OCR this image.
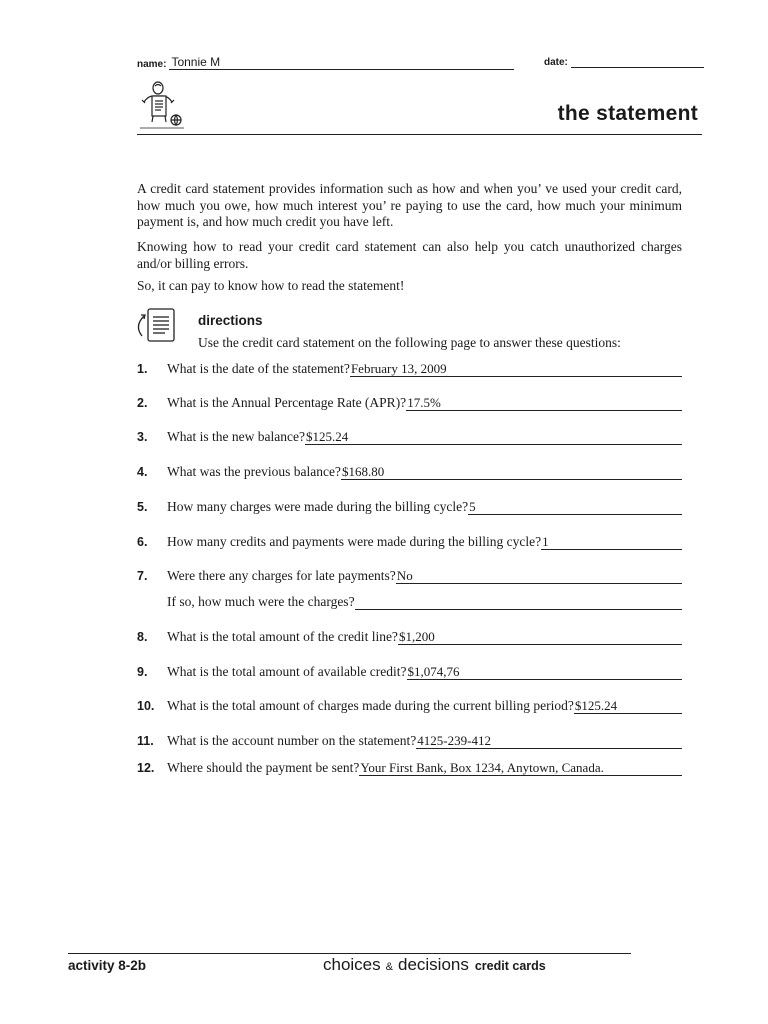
name: Tonnie M	date:
the statement
A credit card statement provides information such as how and when you’ ve used your credit card, how much you owe, how much interest you’ re paying to use the card, how much your minimum payment is, and how much credit you have left.
Knowing how to read your credit card statement can also help you catch unauthorized charges and/or billing errors.
So, it can pay to know how to read the statement!
directions
Use the credit card statement on the following page to answer these questions:
1.	What is the date of the statement? February 13, 2009
2.	What is the Annual Percentage Rate (APR)? 17.5%
3.	What is the new balance? $125.24
4.	What was the previous balance? $168.80
5.	How many charges were made during the billing cycle? 5
6.	How many credits and payments were made during the billing cycle? 1
7.	Were there any charges for late payments? No
If so, how much were the charges?
8.	What is the total amount of the credit line? $1,200
9.	What is the total amount of available credit? $1,074,76
10. What is the total amount of charges made during the current billing period? $125.24
11. What is the account number on the statement? 4125-239-412
12. Where should the payment be sent? Your First Bank, Box 1234, Anytown, Canada.
activity 8-2b	choices & decisions credit cards
